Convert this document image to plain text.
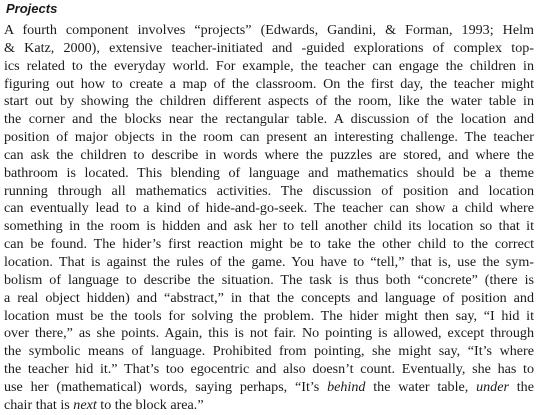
Projects
A fourth component involves “projects” (Edwards, Gandini, & Forman, 1993; Helm
& Katz, 2000), extensive teacher-initiated and -guided explorations of complex top-
ics related to the everyday world. For example, the teacher can engage the children in
figuring out how to create a map of the classroom. On the first day, the teacher might
start out by showing the children different aspects of the room, like the water table in
the corner and the blocks near the rectangular table. A discussion of the location and
position of major objects in the room can present an interesting challenge. The teacher
can ask the children to describe in words where the puzzles are stored, and where the
bathroom is located. This blending of language and mathematics should be a theme
running through all mathematics activities. The discussion of position and location
can eventually lead to a kind of hide-and-go-seek. The teacher can show a child where
something in the room is hidden and ask her to tell another child its location so that it
can be found. The hider’s first reaction might be to take the other child to the correct
location. That is against the rules of the game. You have to “tell,” that is, use the sym-
bolism of language to describe the situation. The task is thus both “concrete” (there is
a real object hidden) and “abstract,” in that the concepts and language of position and
location must be the tools for solving the problem. The hider might then say, “I hid it
over there,” as she points. Again, this is not fair. No pointing is allowed, except through
the symbolic means of language. Prohibited from pointing, she might say, “It’s where
the teacher hid it.” That’s too egocentric and also doesn’t count. Eventually, she has to
use her (mathematical) words, saying perhaps, “It’s behind the water table, under the
chair that is next to the block area.”
